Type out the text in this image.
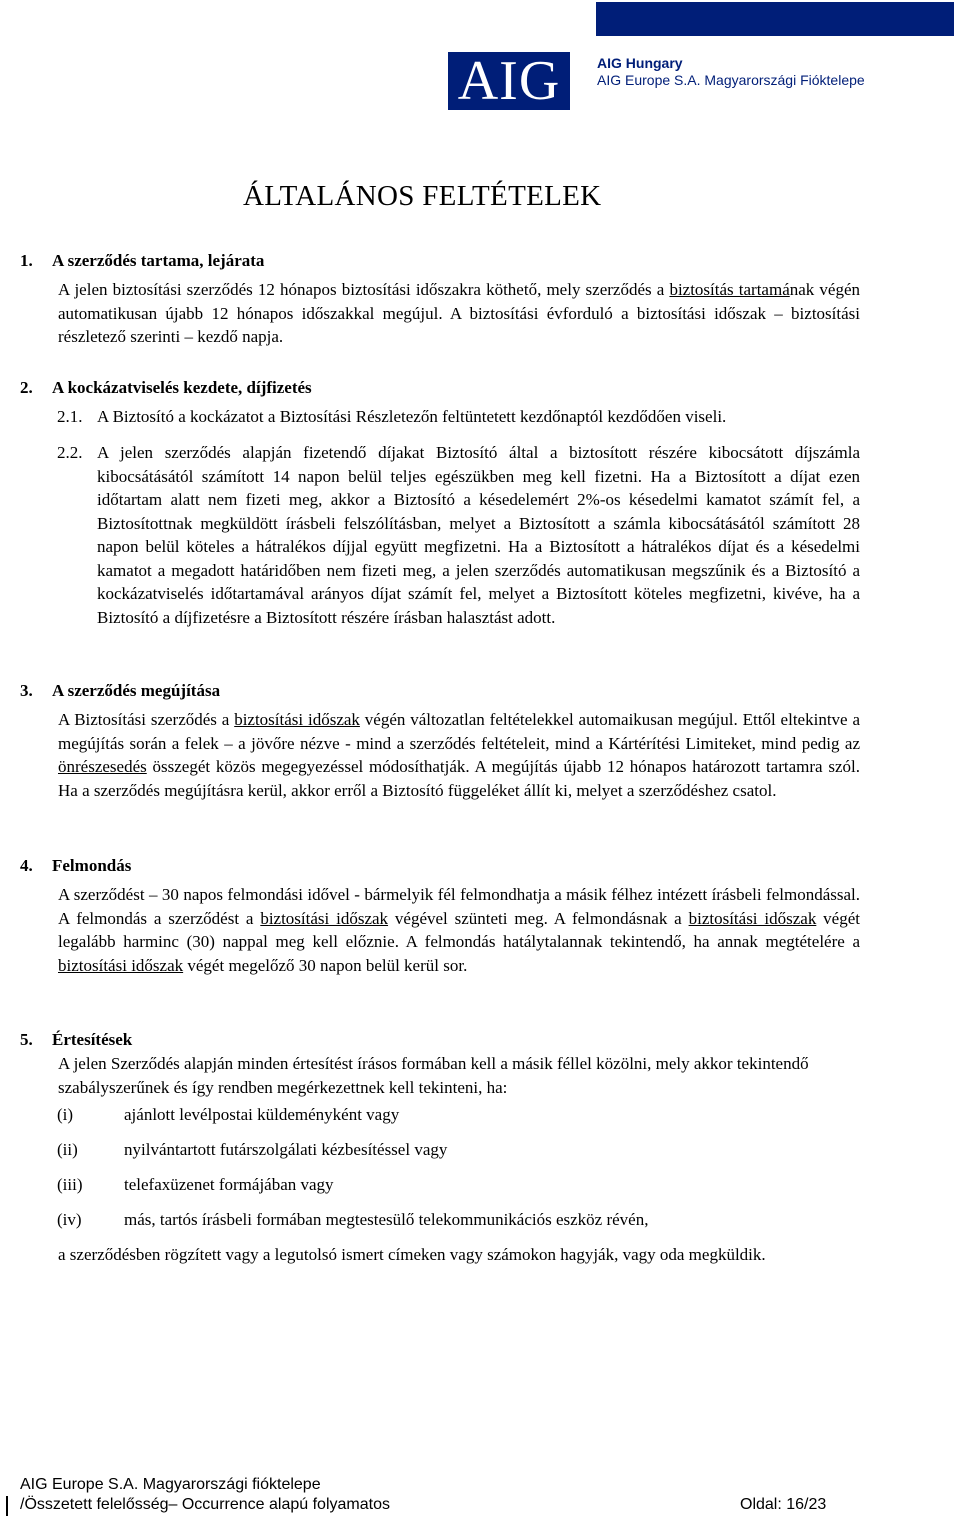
AIG	AIG Hungary
AIG Europe S.A. Magyarországi Fióktelepe
ÁLTALÁNOS FELTÉTELEK
1. A szerződés tartama, lejárata
A jelen biztosítási szerződés 12 hónapos biztosítási időszakra köthető, mely szerződés a biztosítás tartamának végén automatikusan újabb 12 hónapos időszakkal megújul. A biztosítási évforduló a biztosítási időszak – biztosítási részletező szerinti – kezdő napja.
2. A kockázatviselés kezdete, díjfizetés
2.1. A Biztosító a kockázatot a Biztosítási Részletezőn feltüntetett kezdőnaptól kezdődően viseli.
2.2. A jelen szerződés alapján fizetendő díjakat Biztosító által a biztosított részére kibocsátott díjszámla kibocsátásától számított 14 napon belül teljes egészükben meg kell fizetni. Ha a Biztosított a díjat ezen időtartam alatt nem fizeti meg, akkor a Biztosító a késedelemért 2%-os késedelmi kamatot számít fel, a Biztosítottnak megküldött írásbeli felszólításban, melyet a Biztosított a számla kibocsátásától számított 28 napon belül köteles a hátralékos díjjal együtt megfizetni. Ha a Biztosított a hátralékos díjat és a késedelmi kamatot a megadott határidőben nem fizeti meg, a jelen szerződés automatikusan megszűnik és a Biztosító a kockázatviselés időtartamával arányos díjat számít fel, melyet a Biztosított köteles megfizetni, kivéve, ha a Biztosító a díjfizetésre a Biztosított részére írásban halasztást adott.
3. A szerződés megújítása
A Biztosítási szerződés a biztosítási időszak végén változatlan feltételekkel automaikusan megújul. Ettől eltekintve a megújítás során a felek – a jövőre nézve - mind a szerződés feltételeit, mind a Kártérítési Limiteket, mind pedig az önrészesedés összegét közös megegyezéssel módosíthatják. A megújítás újabb 12 hónapos határozott tartamra szól. Ha a szerződés megújításra kerül, akkor erről a Biztosító függeléket állít ki, melyet a szerződéshez csatol.
4. Felmondás
A szerződést – 30 napos felmondási idővel - bármelyik fél felmondhatja a másik félhez intézett írásbeli felmondással. A felmondás a szerződést a biztosítási időszak végével szünteti meg. A felmondásnak a biztosítási időszak végét legalább harminc (30) nappal meg kell előznie. A felmondás hatálytalannak tekintendő, ha annak megtételére a biztosítási időszak végét megelőző 30 napon belül kerül sor.
5. Értesítések
A jelen Szerződés alapján minden értesítést írásos formában kell a másik féllel közölni, mely akkor tekintendő szabályszerűnek és így rendben megérkezettnek kell tekinteni, ha:
(i)	ajánlott levélpostai küldeményként vagy
(ii)	nyilvántartott futárszolgálati kézbesítéssel vagy
(iii) telefaxüzenet formájában vagy
(iv) más, tartós írásbeli formában megtestesülő telekommunikációs eszköz révén,
a szerződésben rögzített vagy a legutolsó ismert címeken vagy számokon hagyják, vagy oda megküldik.
AIG Europe S.A. Magyarországi fióktelepe
/Összetett felelősség– Occurrence alapú folyamatos	Oldal: 16/23
